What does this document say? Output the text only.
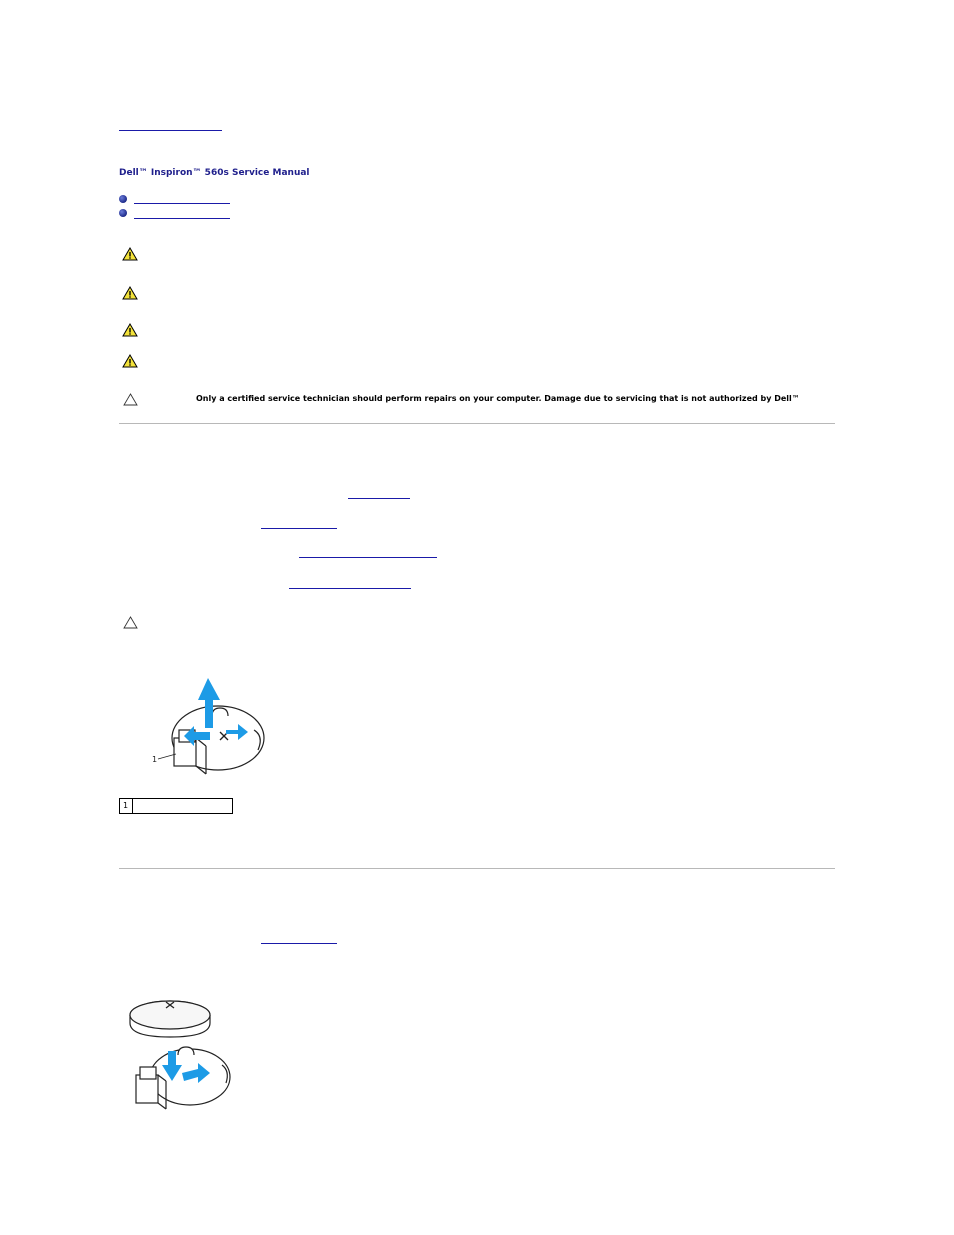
Dell™ Inspiron™ 560s Service Manual
Only a certified service technician should perform repairs on your computer. Damage due to servicing that is not authorized by Dell™
1
1
